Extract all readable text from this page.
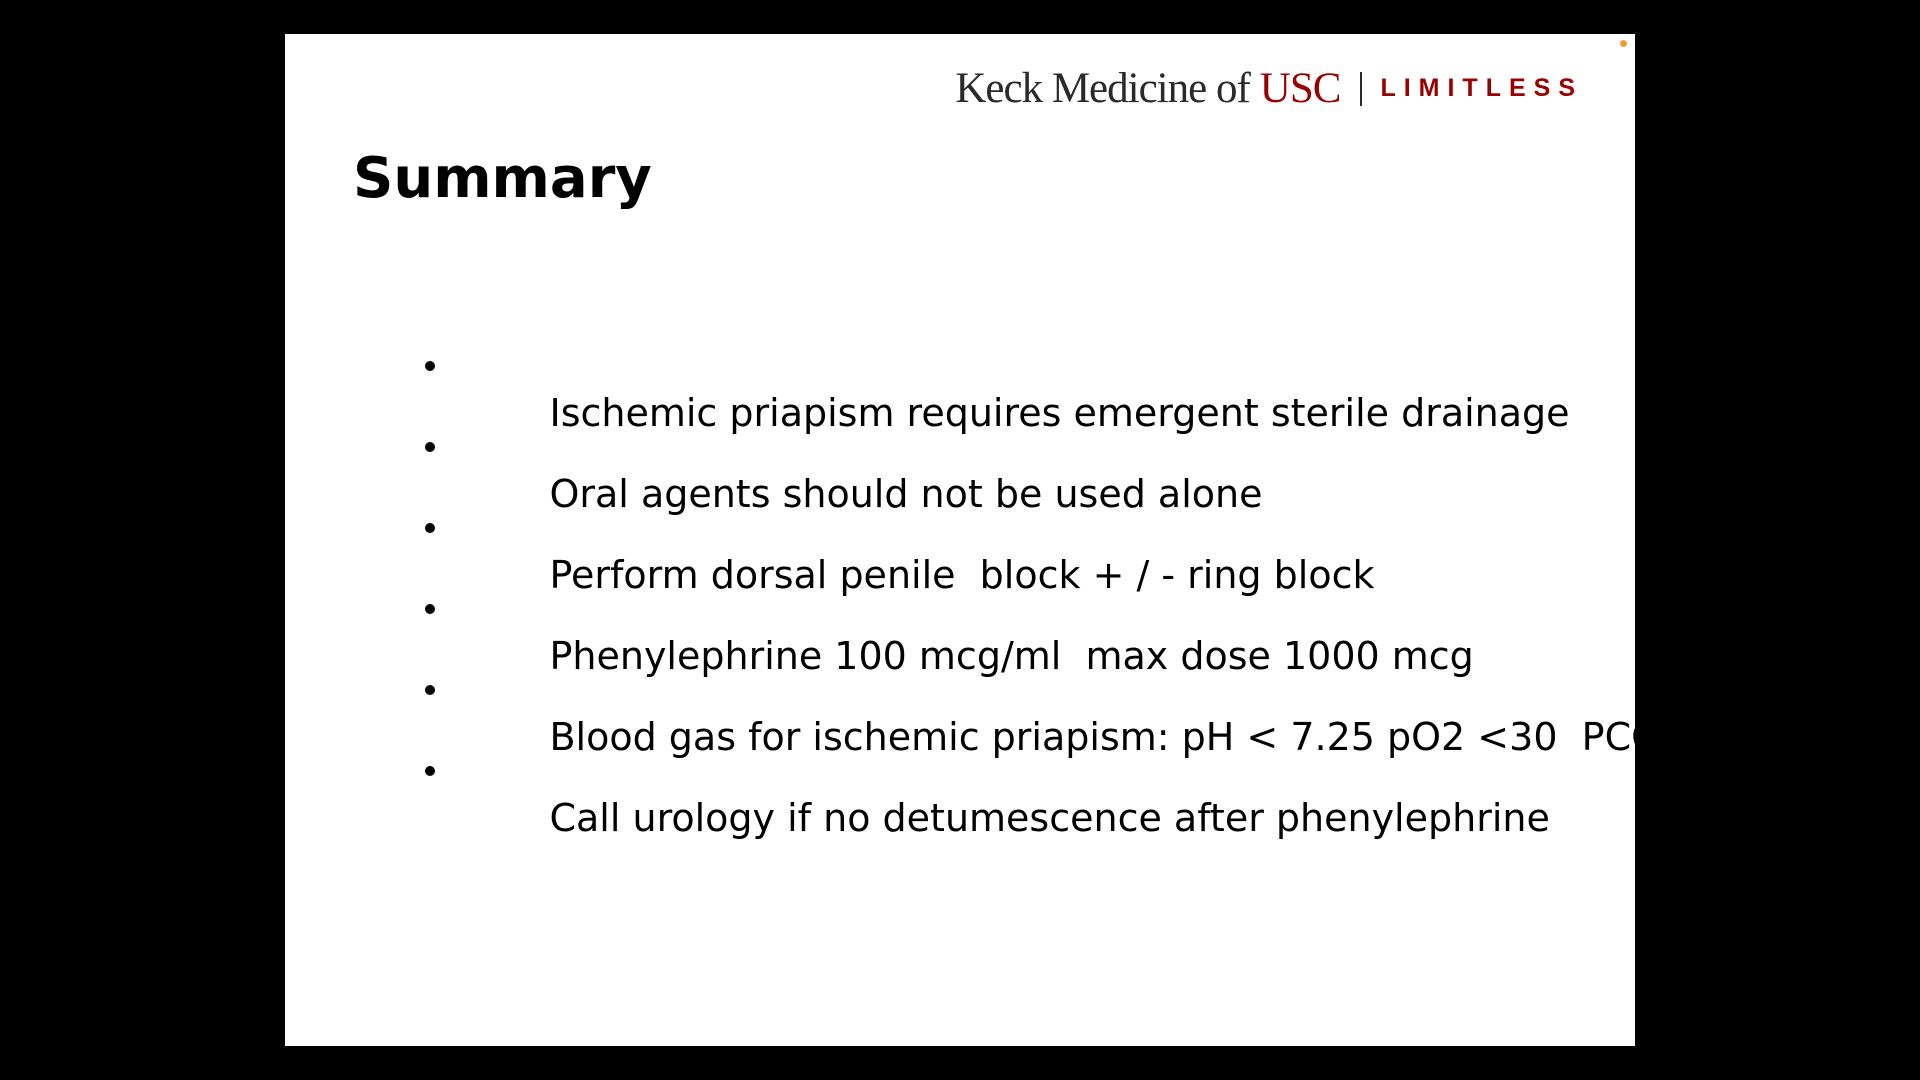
Keck Medicine of USC LIMITLESS
Summary

Ischemic priapism requires emergent sterile drainage

Oral agents should not be used alone

Perform dorsal penile  block + / - ring block

Phenylephrine 100 mcg/ml  max dose 1000 mcg

Blood gas for ischemic priapism: pH < 7.25 pO2 <30  PCO2 >60

Call urology if no detumescence after phenylephrine
